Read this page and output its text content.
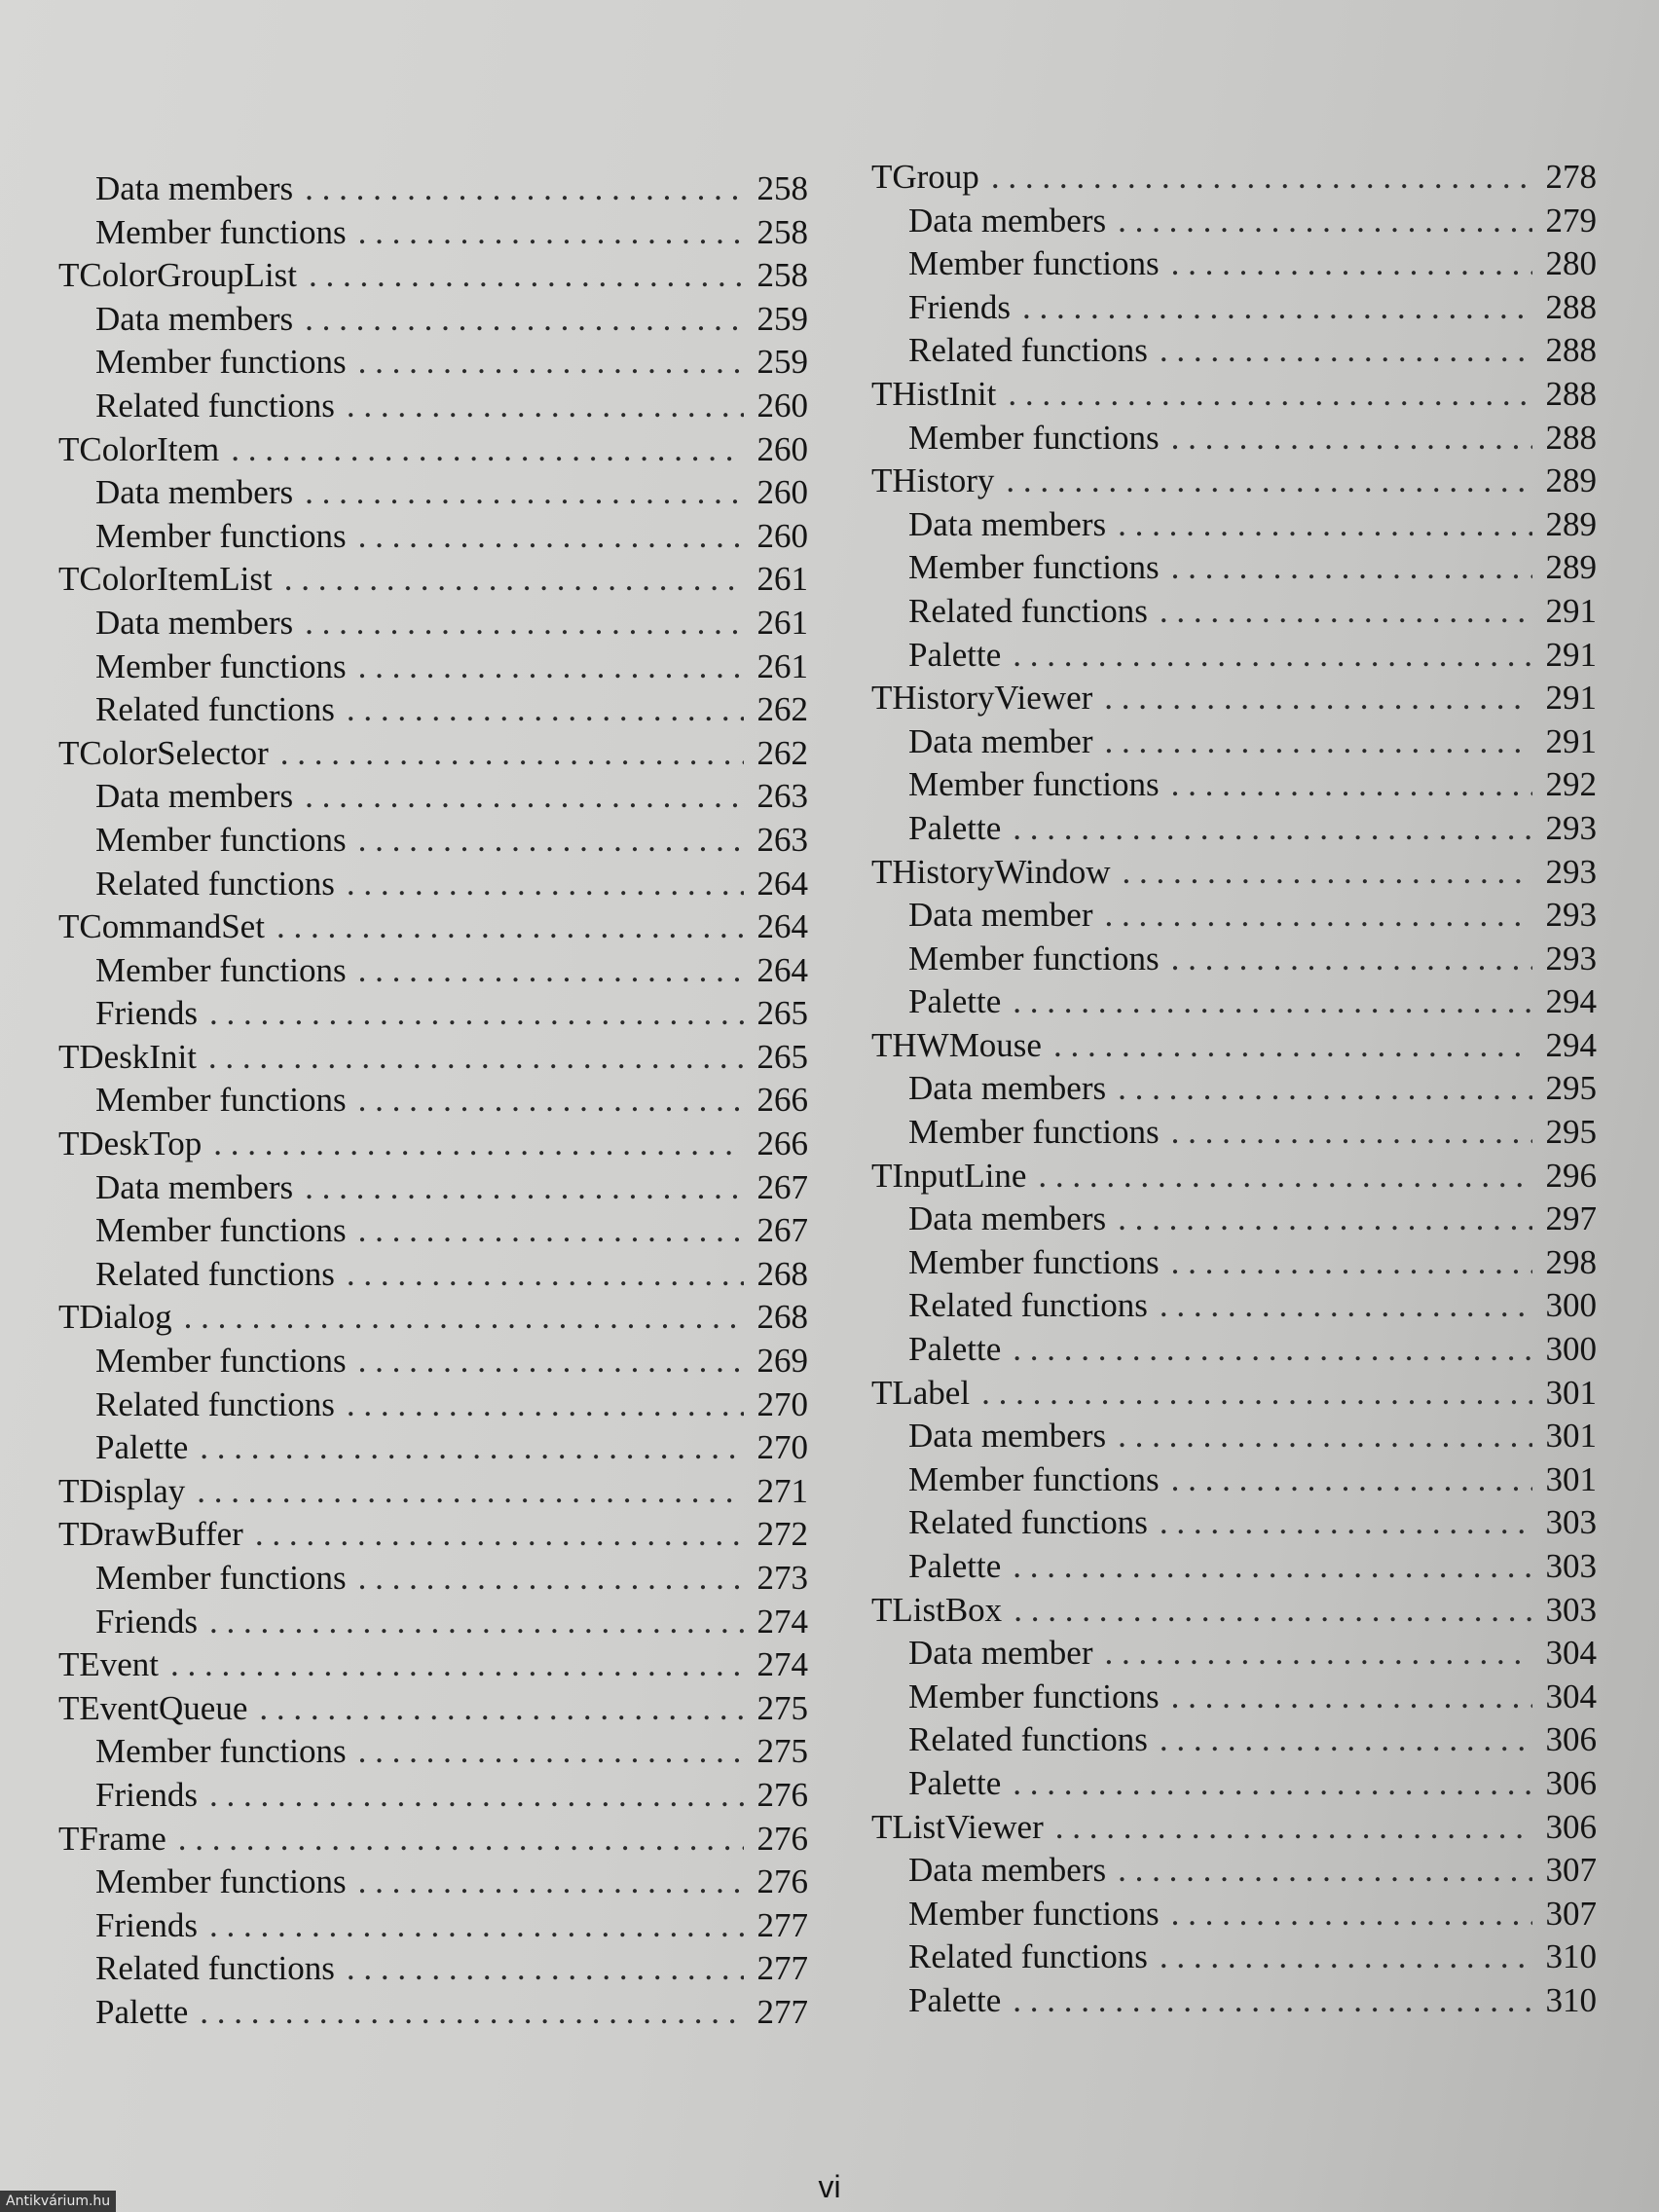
Data members . . .	258
Member functions . . .	258
TColorGroupList . . .	258
Data members . . .	259
Member functions . . .	259
Related functions . . .	260
TColorItem . . .	260
Data members . . .	260
Member functions . . .	260
TColorItemList . . .	261
Data members . . .	261
Member functions . . .	261
Related functions . . .	262
TColorSelector . . .	262
Data members . . .	263
Member functions . . .	263
Related functions . . .	264
TCommandSet . . .	264
Member functions . . .	264
Friends . . .	265
TDeskInit . . .	265
Member functions . . .	266
TDeskTop . . .	266
Data members . . .	267
Member functions . . .	267
Related functions . . .	268
TDialog . . .	268
Member functions . . .	269
Related functions . . .	270
Palette . . .	270
TDisplay . . .	271
TDrawBuffer . . .	272
Member functions . . .	273
Friends . . .	274
TEvent . . .	274
TEventQueue . . .	275
Member functions . . .	275
Friends . . .	276
TFrame . . .	276
Member functions . . .	276
Friends . . .	277
Related functions . . .	277
Palette . . .	277
TGroup . . .	278
Data members . . .	279
Member functions . . .	280
Friends . . .	288
Related functions . . .	288
THistInit . . .	288
Member functions . . .	288
THistory . . .	289
Data members . . .	289
Member functions . . .	289
Related functions . . .	291
Palette . . .	291
THistoryViewer . . .	291
Data member . . .	291
Member functions . . .	292
Palette . . .	293
THistoryWindow . . .	293
Data member . . .	293
Member functions . . .	293
Palette . . .	294
THWMouse . . .	294
Data members . . .	295
Member functions . . .	295
TInputLine . . .	296
Data members . . .	297
Member functions . . .	298
Related functions . . .	300
Palette . . .	300
TLabel . . .	301
Data members . . .	301
Member functions . . .	301
Related functions . . .	303
Palette . . .	303
TListBox . . .	303
Data member . . .	304
Member functions . . .	304
Related functions . . .	306
Palette . . .	306
TListViewer . . .	306
Data members . . .	307
Member functions . . .	307
Related functions . . .	310
Palette . . .	310
vi
Antikvárium.hu
